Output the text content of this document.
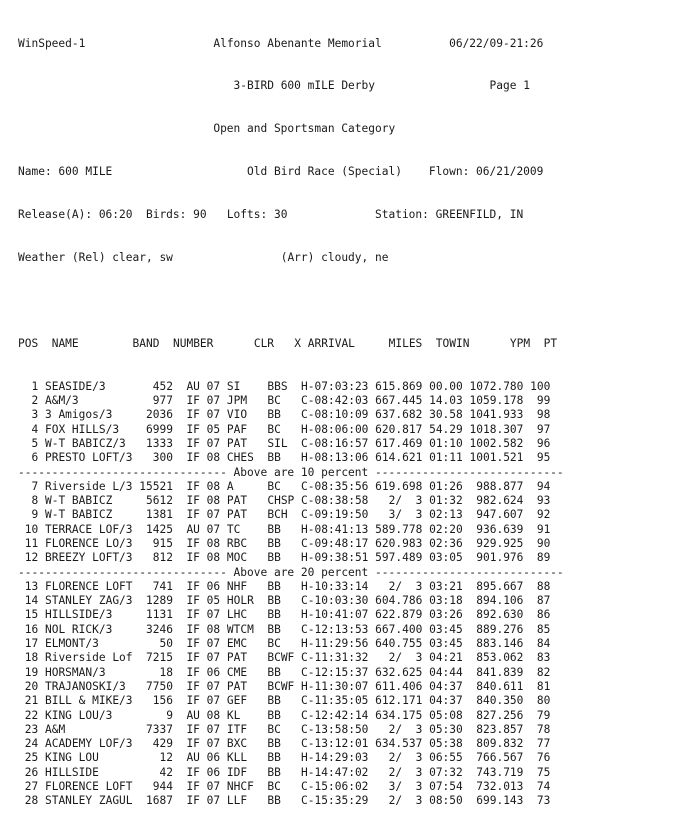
WinSpeed-1	Alfonso Abenante Memorial	06/22/09-21:26

3-BIRD 600 mILE Derby	Page 1

Open and Sportsman Category

Name: 600 MILE	Old Bird Race (Special) Flown: 06/21/2009

Release(A): 06:20  Birds: 90 Lofts: 30	Station: GREENFILD, IN

Weather (Rel) clear, sw	(Arr) cloudy, ne

POS NAME	BAND NUMBER	CLR X ARRIVAL	MILES TOWIN	YPM PT

1 SEASIDE/3       452 AU 07 SI    BBS  H-07:03:23 615.869 00.00 1072.780 100
2 A&M/3           977 IF 07 JPM   BC   C-08:42:03 667.445 14.03 1059.178  99
3 3 Amigos/3     2036 IF 07 VIO   BB   C-08:10:09 637.682 30.58 1041.933  98
4 FOX HILLS/3    6999 IF 05 PAF   BC   H-08:06:00 620.817 54.29 1018.307  97
5 W-T BABICZ/3   1333 IF 07 PAT   SIL  C-08:16:57 617.469 01:10 1002.582  96
6 PRESTO LOFT/3   300 IF 08 CHES  BB   H-08:13:06 614.621 01:11 1001.521  95
------------------------------- Above are 10 percent ----------------------------
7 Riverside L/3 15521 IF 08 A     BC   C-08:35:56 619.698 01:26  988.877  94
8 W-T BABICZ     5612 IF 08 PAT   CHSP C-08:38:58   2/  3 01:32  982.624  93
9 W-T BABICZ     1381 IF 07 PAT   BCH  C-09:19:50   3/  3 02:13  947.607  92
10 TERRACE LOF/3  1425 AU 07 TC    BB   H-08:41:13 589.778 02:20  936.639  91
11 FLORENCE LO/3   915 IF 08 RBC   BB   C-09:48:17 620.983 02:36  929.925  90
12 BREEZY LOFT/3   812 IF 08 MOC   BB   H-09:38:51 597.489 03:05  901.976  89
------------------------------- Above are 20 percent ----------------------------
13 FLORENCE LOFT   741 IF 06 NHF   BB   H-10:33:14   2/  3 03:21  895.667  88
14 STANLEY ZAG/3  1289 IF 05 HOLR  BB   C-10:03:30 604.786 03:18  894.106  87
15 HILLSIDE/3     1131 IF 07 LHC   BB   H-10:41:07 622.879 03:26  892.630  86
16 NOL RICK/3     3246 IF 08 WTCM  BB   C-12:13:53 667.400 03:45  889.276  85
17 ELMONT/3         50 IF 07 EMC   BC   H-11:29:56 640.755 03:45  883.146  84
18 Riverside Lof  7215 IF 07 PAT   BCWF C-11:31:32   2/  3 04:21  853.062  83
19 HORSMAN/3        18 IF 06 CME   BB   C-12:15:37 632.625 04:44  841.839  82
20 TRAJANOSKI/3   7750 IF 07 PAT   BCWF H-11:30:07 611.406 04:37  840.611  81
21 BILL & MIKE/3   156 IF 07 GEF   BB   C-11:35:05 612.171 04:37  840.350  80
22 KING LOU/3        9 AU 08 KL    BB   C-12:42:14 634.175 05:08  827.256  79
23 A&M            7337 IF 07 ITF   BC   C-13:58:50   2/  3 05:30  823.857  78
24 ACADEMY LOF/3   429 IF 07 BXC   BB   C-13:12:01 634.537 05:38  809.832  77
25 KING LOU         12 AU 06 KLL   BB   H-14:29:03   2/  3 06:55  766.567  76
26 HILLSIDE         42 IF 06 IDF   BB   H-14:47:02   2/  3 07:32  743.719  75
27 FLORENCE LOFT   944 IF 07 NHCF  BC   C-15:06:02   3/  3 07:54  732.013  74
28 STANLEY ZAGUL  1687 IF 07 LLF   BB   C-15:35:29   2/  3 08:50  699.143  73
